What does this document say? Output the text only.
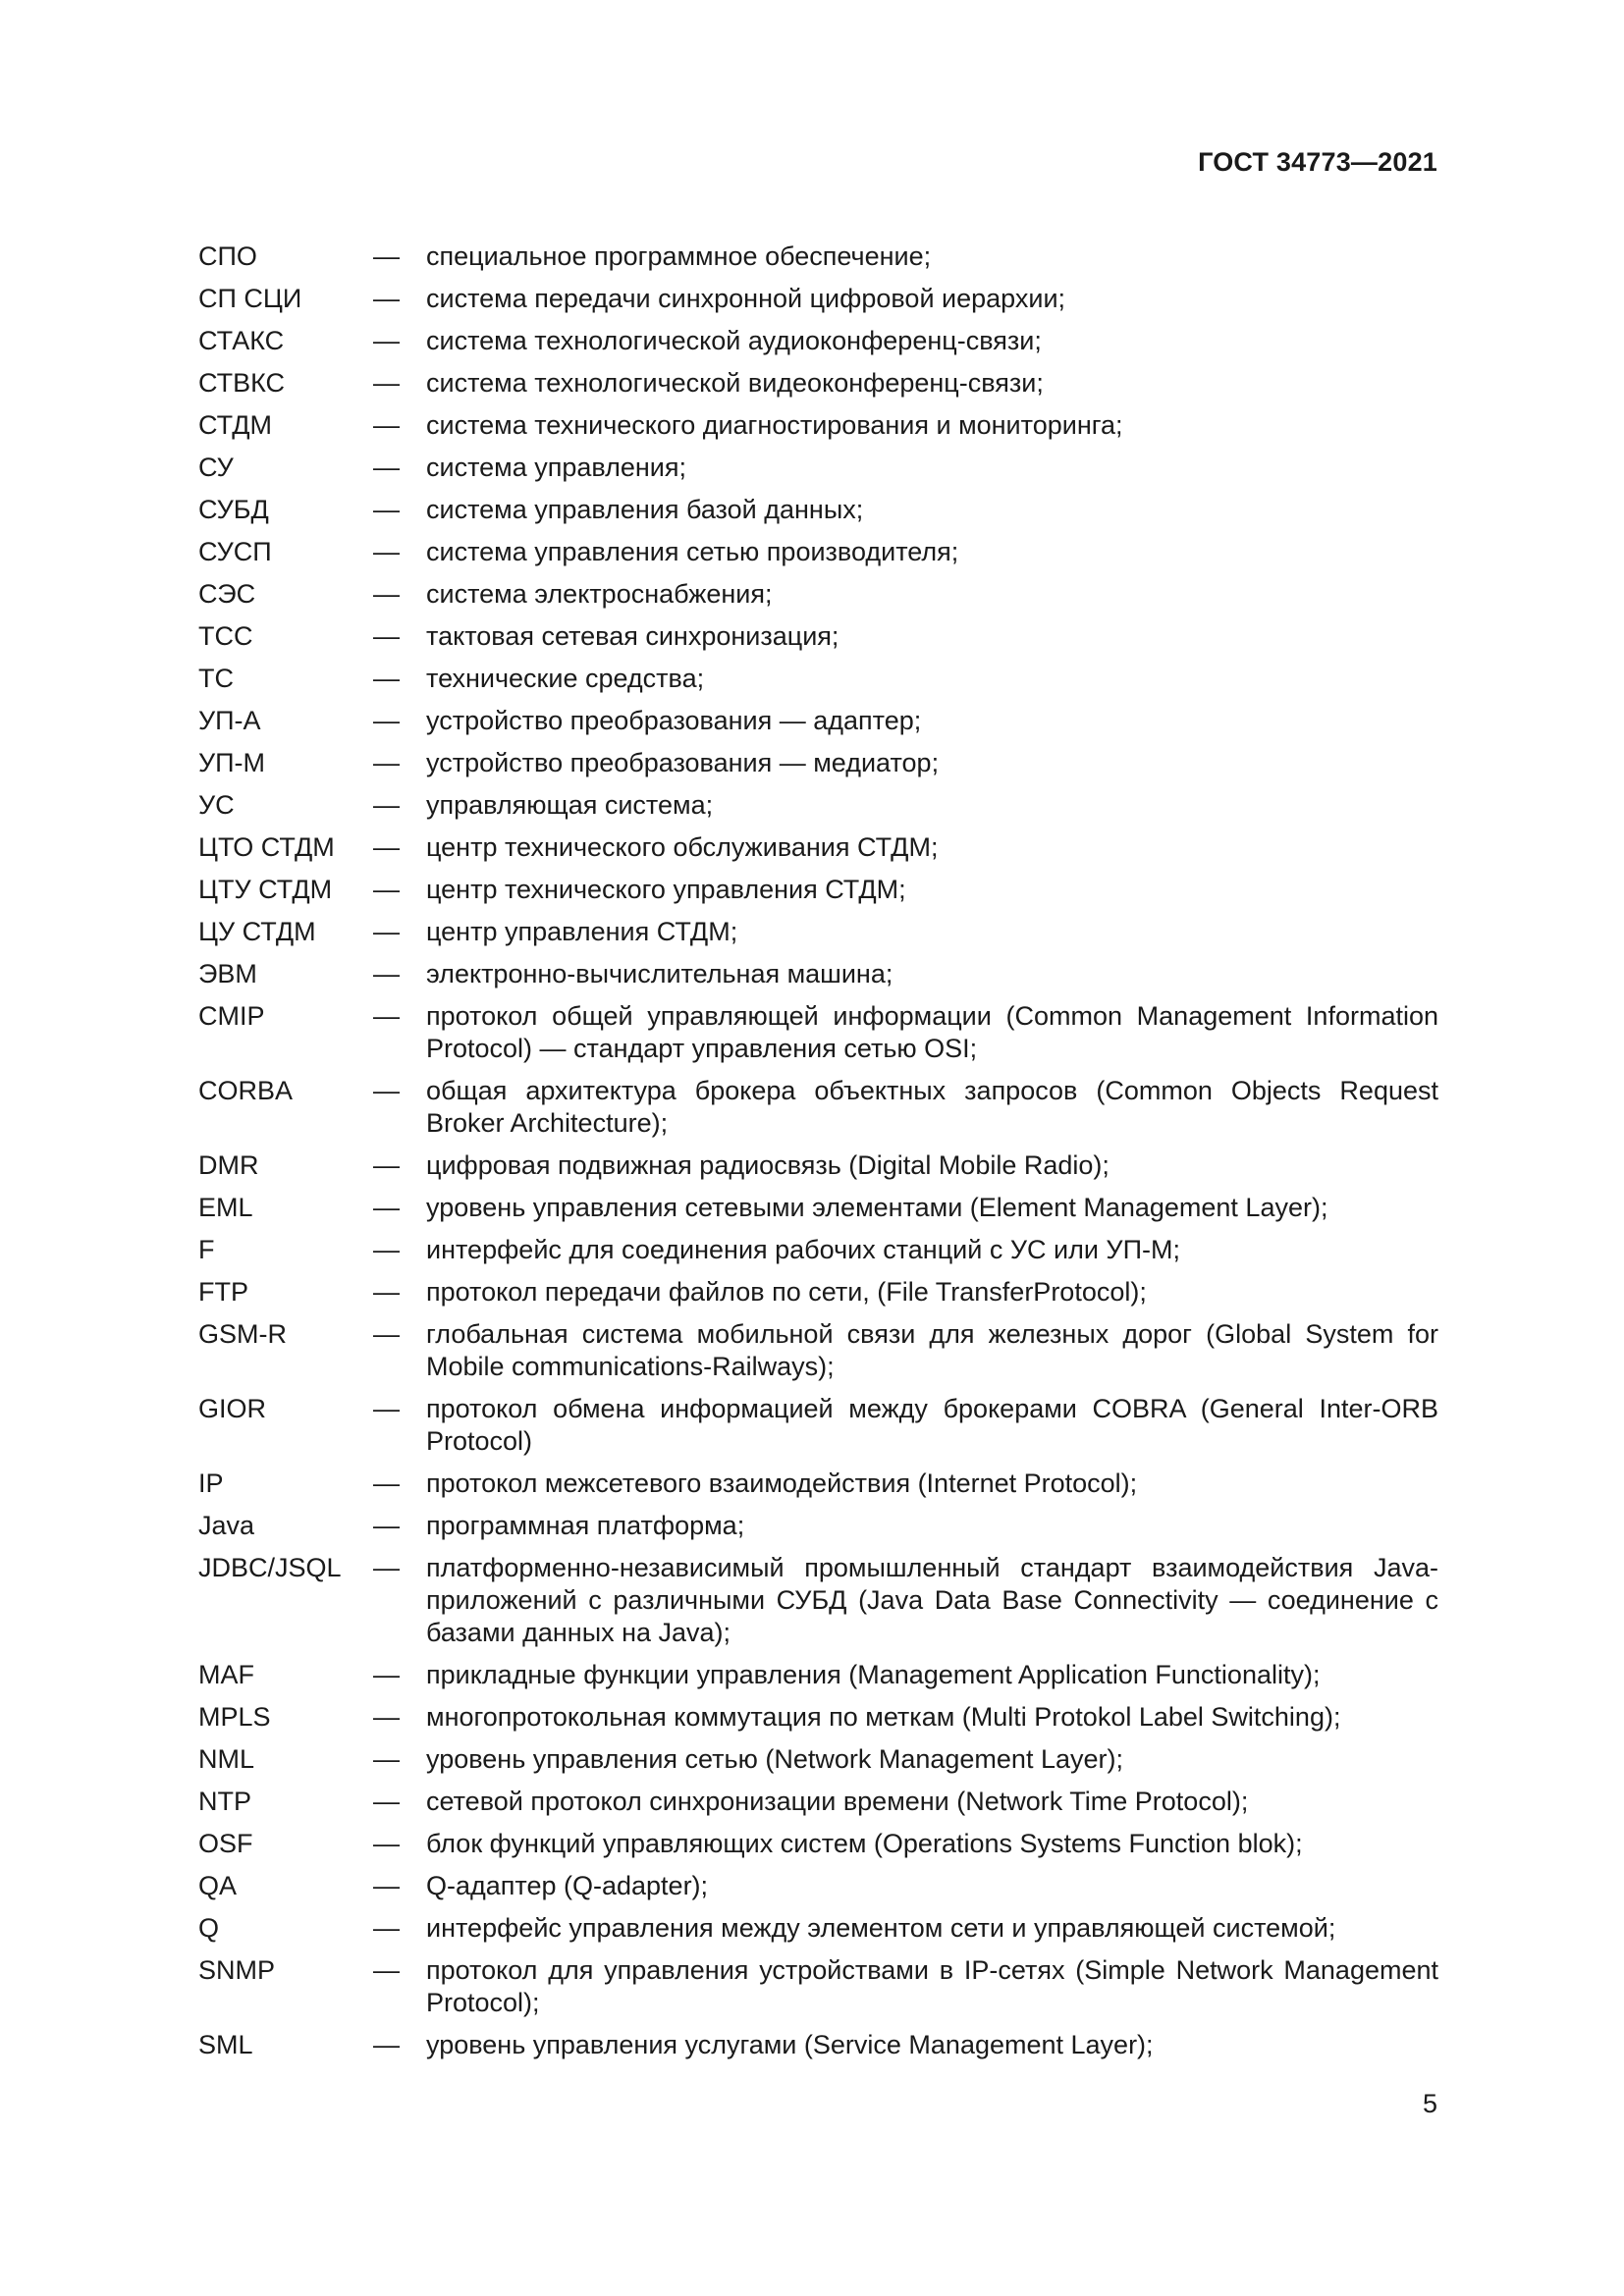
ГОСТ 34773—2021
СПО	—	специальное программное обеспечение;
СП СЦИ	—	система передачи синхронной цифровой иерархии;
СТАКС	—	система технологической аудиоконференц-связи;
СТВКС	—	система технологической видеоконференц-связи;
СТДМ	—	система технического диагностирования и мониторинга;
СУ	—	система управления;
СУБД	—	система управления базой данных;
СУСП	—	система управления сетью производителя;
СЭС	—	система электроснабжения;
ТСС	—	тактовая сетевая синхронизация;
ТС	—	технические средства;
УП-А	—	устройство преобразования — адаптер;
УП-М	—	устройство преобразования — медиатор;
УС	—	управляющая система;
ЦТО СТДМ	—	центр технического обслуживания СТДМ;
ЦТУ СТДМ	—	центр технического управления СТДМ;
ЦУ СТДМ	—	центр управления СТДМ;
ЭВМ	—	электронно-вычислительная машина;
CMIP	—	протокол общей управляющей информации (Common Management Information Protocol) — стандарт управления сетью OSI;
CORBA	—	общая архитектура брокера объектных запросов (Common Objects Request Broker Architecture);
DMR	—	цифровая подвижная радиосвязь (Digital Mobile Radio);
EML	—	уровень управления сетевыми элементами (Element Management Layer);
F	—	интерфейс для соединения рабочих станций с УС или УП-М;
FTP	—	протокол передачи файлов по сети, (File TransferProtocol);
GSM-R	—	глобальная система мобильной связи для железных дорог (Global System for Mobile communications-Railways);
GIOR	—	протокол обмена информацией между брокерами COBRA (General Inter-ORB Protocol)
IP	—	протокол межсетевого взаимодействия (Internet Protocol);
Java	—	программная платформа;
JDBC/JSQL	—	платформенно-независимый промышленный стандарт взаимодействия Java-приложений с различными СУБД (Java Data Base Connectivity — соединение с базами данных на Java);
MAF	—	прикладные функции управления (Management Application Functionality);
MPLS	—	многопротокольная коммутация по меткам (Multi Protokol Label Switching);
NML	—	уровень управления сетью (Network Management Layer);
NTP	—	сетевой протокол синхронизации времени (Network Time Protocol);
OSF	—	блок функций управляющих систем (Operations Systems Function blok);
QA	—	Q-адаптер (Q-adapter);
Q	—	интерфейс управления между элементом сети и управляющей системой;
SNMP	—	протокол для управления устройствами в IP-сетях (Simple Network Management Protocol);
SML	—	уровень управления услугами (Service Management Layer);
5
